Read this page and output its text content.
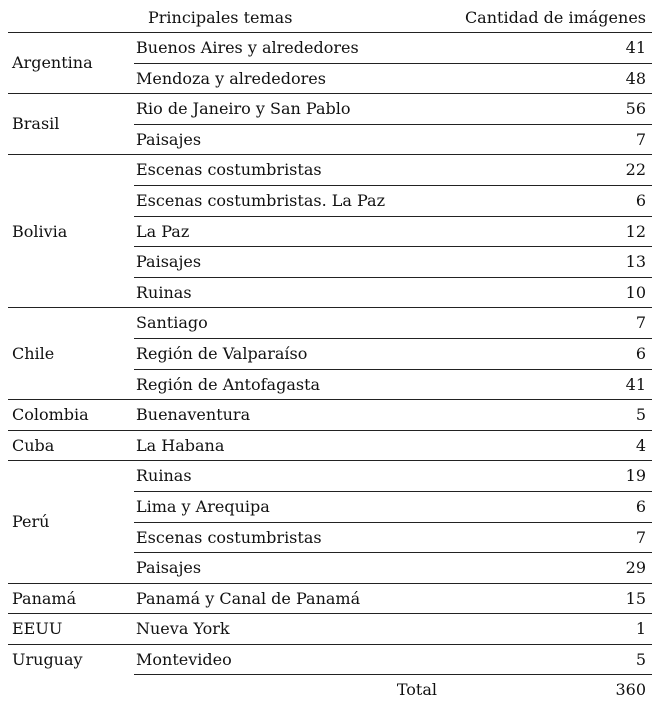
	Principales temas	Cantidad de imágenes
Argentina	Buenos Aires y alrededores	41
	Mendoza y alrededores	48
Brasil	Rio de Janeiro y San Pablo	56
	Paisajes	7
Bolivia	Escenas costumbristas	22
	Escenas costumbristas. La Paz	6
	La Paz	12
	Paisajes	13
	Ruinas	10
Chile	Santiago	7
	Región de Valparaíso	6
	Región de Antofagasta	41
Colombia	Buenaventura	5
Cuba	La Habana	4
Perú	Ruinas	19
	Lima y Arequipa	6
	Escenas costumbristas	7
	Paisajes	29
Panamá	Panamá y Canal de Panamá	15
EEUU	Nueva York	1
Uruguay	Montevideo	5
	Total	360
